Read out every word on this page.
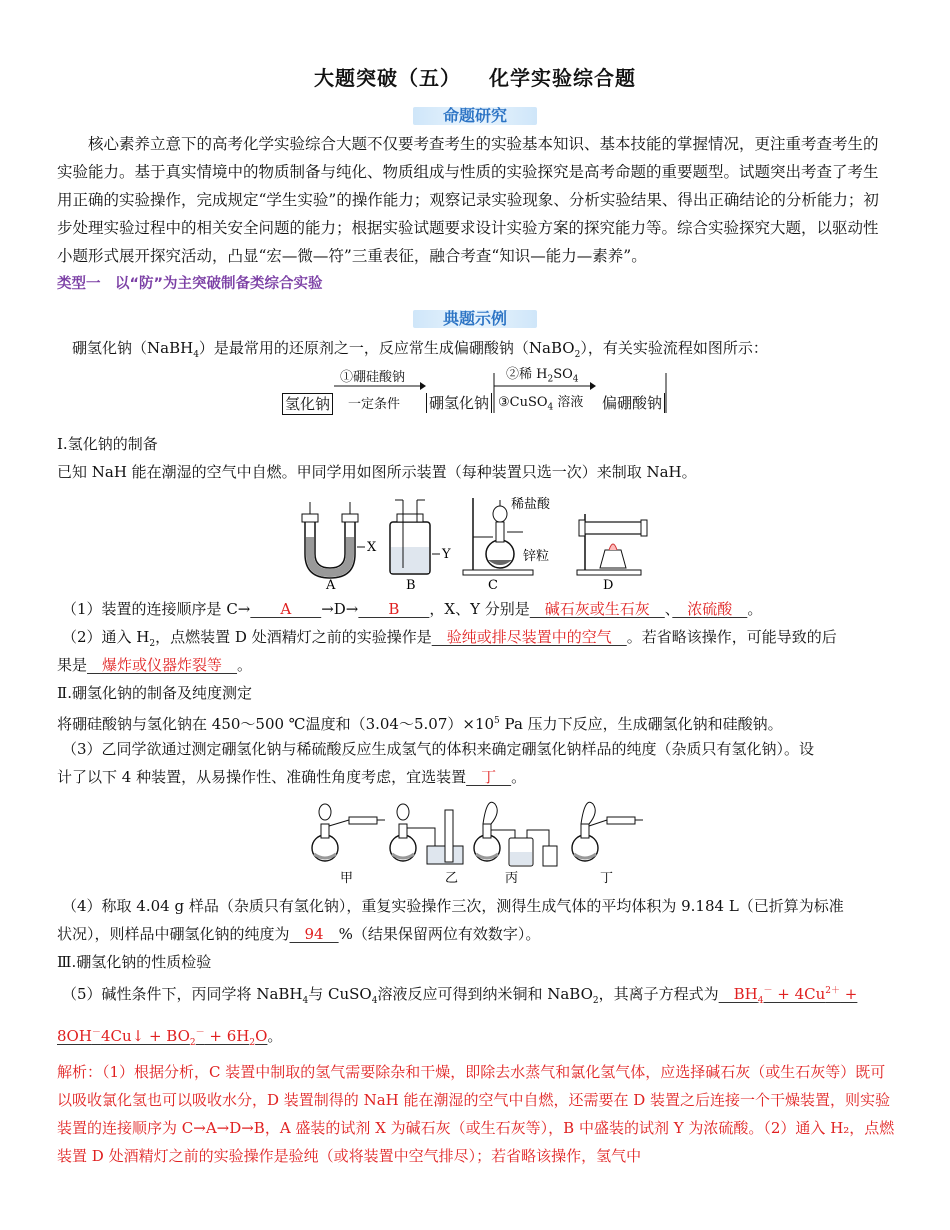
大题突破（五） 化学实验综合题
命题研究
核心素养立意下的高考化学实验综合大题不仅要考查考生的实验基本知识、基本技能的掌握情况，更注重考查考生的实验能力。基于真实情境中的物质制备与纯化、物质组成与性质的实验探究是高考命题的重要题型。试题突出考查了考生用正确的实验操作，完成规定“学生实验”的操作能力；观察记录实验现象、分析实验结果、得出正确结论的分析能力；初步处理实验过程中的相关安全问题的能力；根据实验试题要求设计实验方案的探究能力等。综合实验探究大题，以驱动性小题形式展开探究活动，凸显“宏—微—符”三重表征，融合考查“知识—能力—素养”。
类型一　以“防”为主突破制备类综合实验
典题示例
硼氢化钠（NaBH$_4$）是最常用的还原剂之一，反应常生成偏硼酸钠（NaBO$_2$），有关实验流程如图所示：
氢化钠
①硼硅酸钠
一定条件 硼氢化钠
②稀 $H_2SO_4$
③CuSO$_4$ 溶液 偏硼酸钠
I.氢化钠的制备
已知 NaH 能在潮湿的空气中自燃。甲同学用如图所示装置（每种装置只选一次）来制取 NaH。
X
A
Y
B
稀盐酸
锌粒
C	D
（1）装置的连接顺序是 C→　　A　　→D→　　B　　，X、Y 分别是　碱石灰或生石灰　、　浓硫酸　。
（2）通入 $H_2$，点燃装置 D 处酒精灯之前的实验操作是　验纯或排尽装置中的空气　。若省略该操作，可能导致的后
果是　爆炸或仪器炸裂等　。
Ⅱ.硼氢化钠的制备及纯度测定
将硼硅酸钠与氢化钠在 450～500 ℃温度和$(3.04\sim 5.07)\times 10^5$ Pa 压力下反应，生成硼氢化钠和硅酸钠。
（3）乙同学欲通过测定硼氢化钠与稀硫酸反应生成氢气的体积来确定硼氢化钠样品的纯度（杂质只有氢化钠）。设
计了以下 4 种装置，从易操作性、准确性角度考虑，宜选装置　丁　。
甲	乙	丙	丁
（4）称取 4.04 g 样品（杂质只有氢化钠），重复实验操作三次，测得生成气体的平均体积为 9.184 L（已折算为标准
状况），则样品中硼氢化钠的纯度为　94　%（结果保留两位有效数字）。
Ⅲ.硼氢化钠的性质检验
（5）碱性条件下，丙同学将 NaBH$_4$与 CuSO$_4$溶液反应可得到纳米铜和 NaBO$_2$，其离子方程式为　$BH_4^- + 4Cu^{2+}$ +
8OH－4Cu↓ + $BO_2^- + 6H_2O$。
解析：（1）根据分析，C 装置中制取的氢气需要除杂和干燥，即除去水蒸气和氯化氢气体，应选择碱石灰（或生石灰等）既可以吸收氯化氢也可以吸收水分，D 装置制得的 NaH 能在潮湿的空气中自燃，还需要在 D 装置之后连接一个干燥装置，则实验装置的连接顺序为 C→A→D→B，A 盛装的试剂 X 为碱石灰（或生石灰等），B 中盛装的试剂 Y 为浓硫酸。（2）通入 H₂，点燃装置 D 处酒精灯之前的实验操作是验纯（或将装置中空气排尽）；若省略该操作，氢气中
